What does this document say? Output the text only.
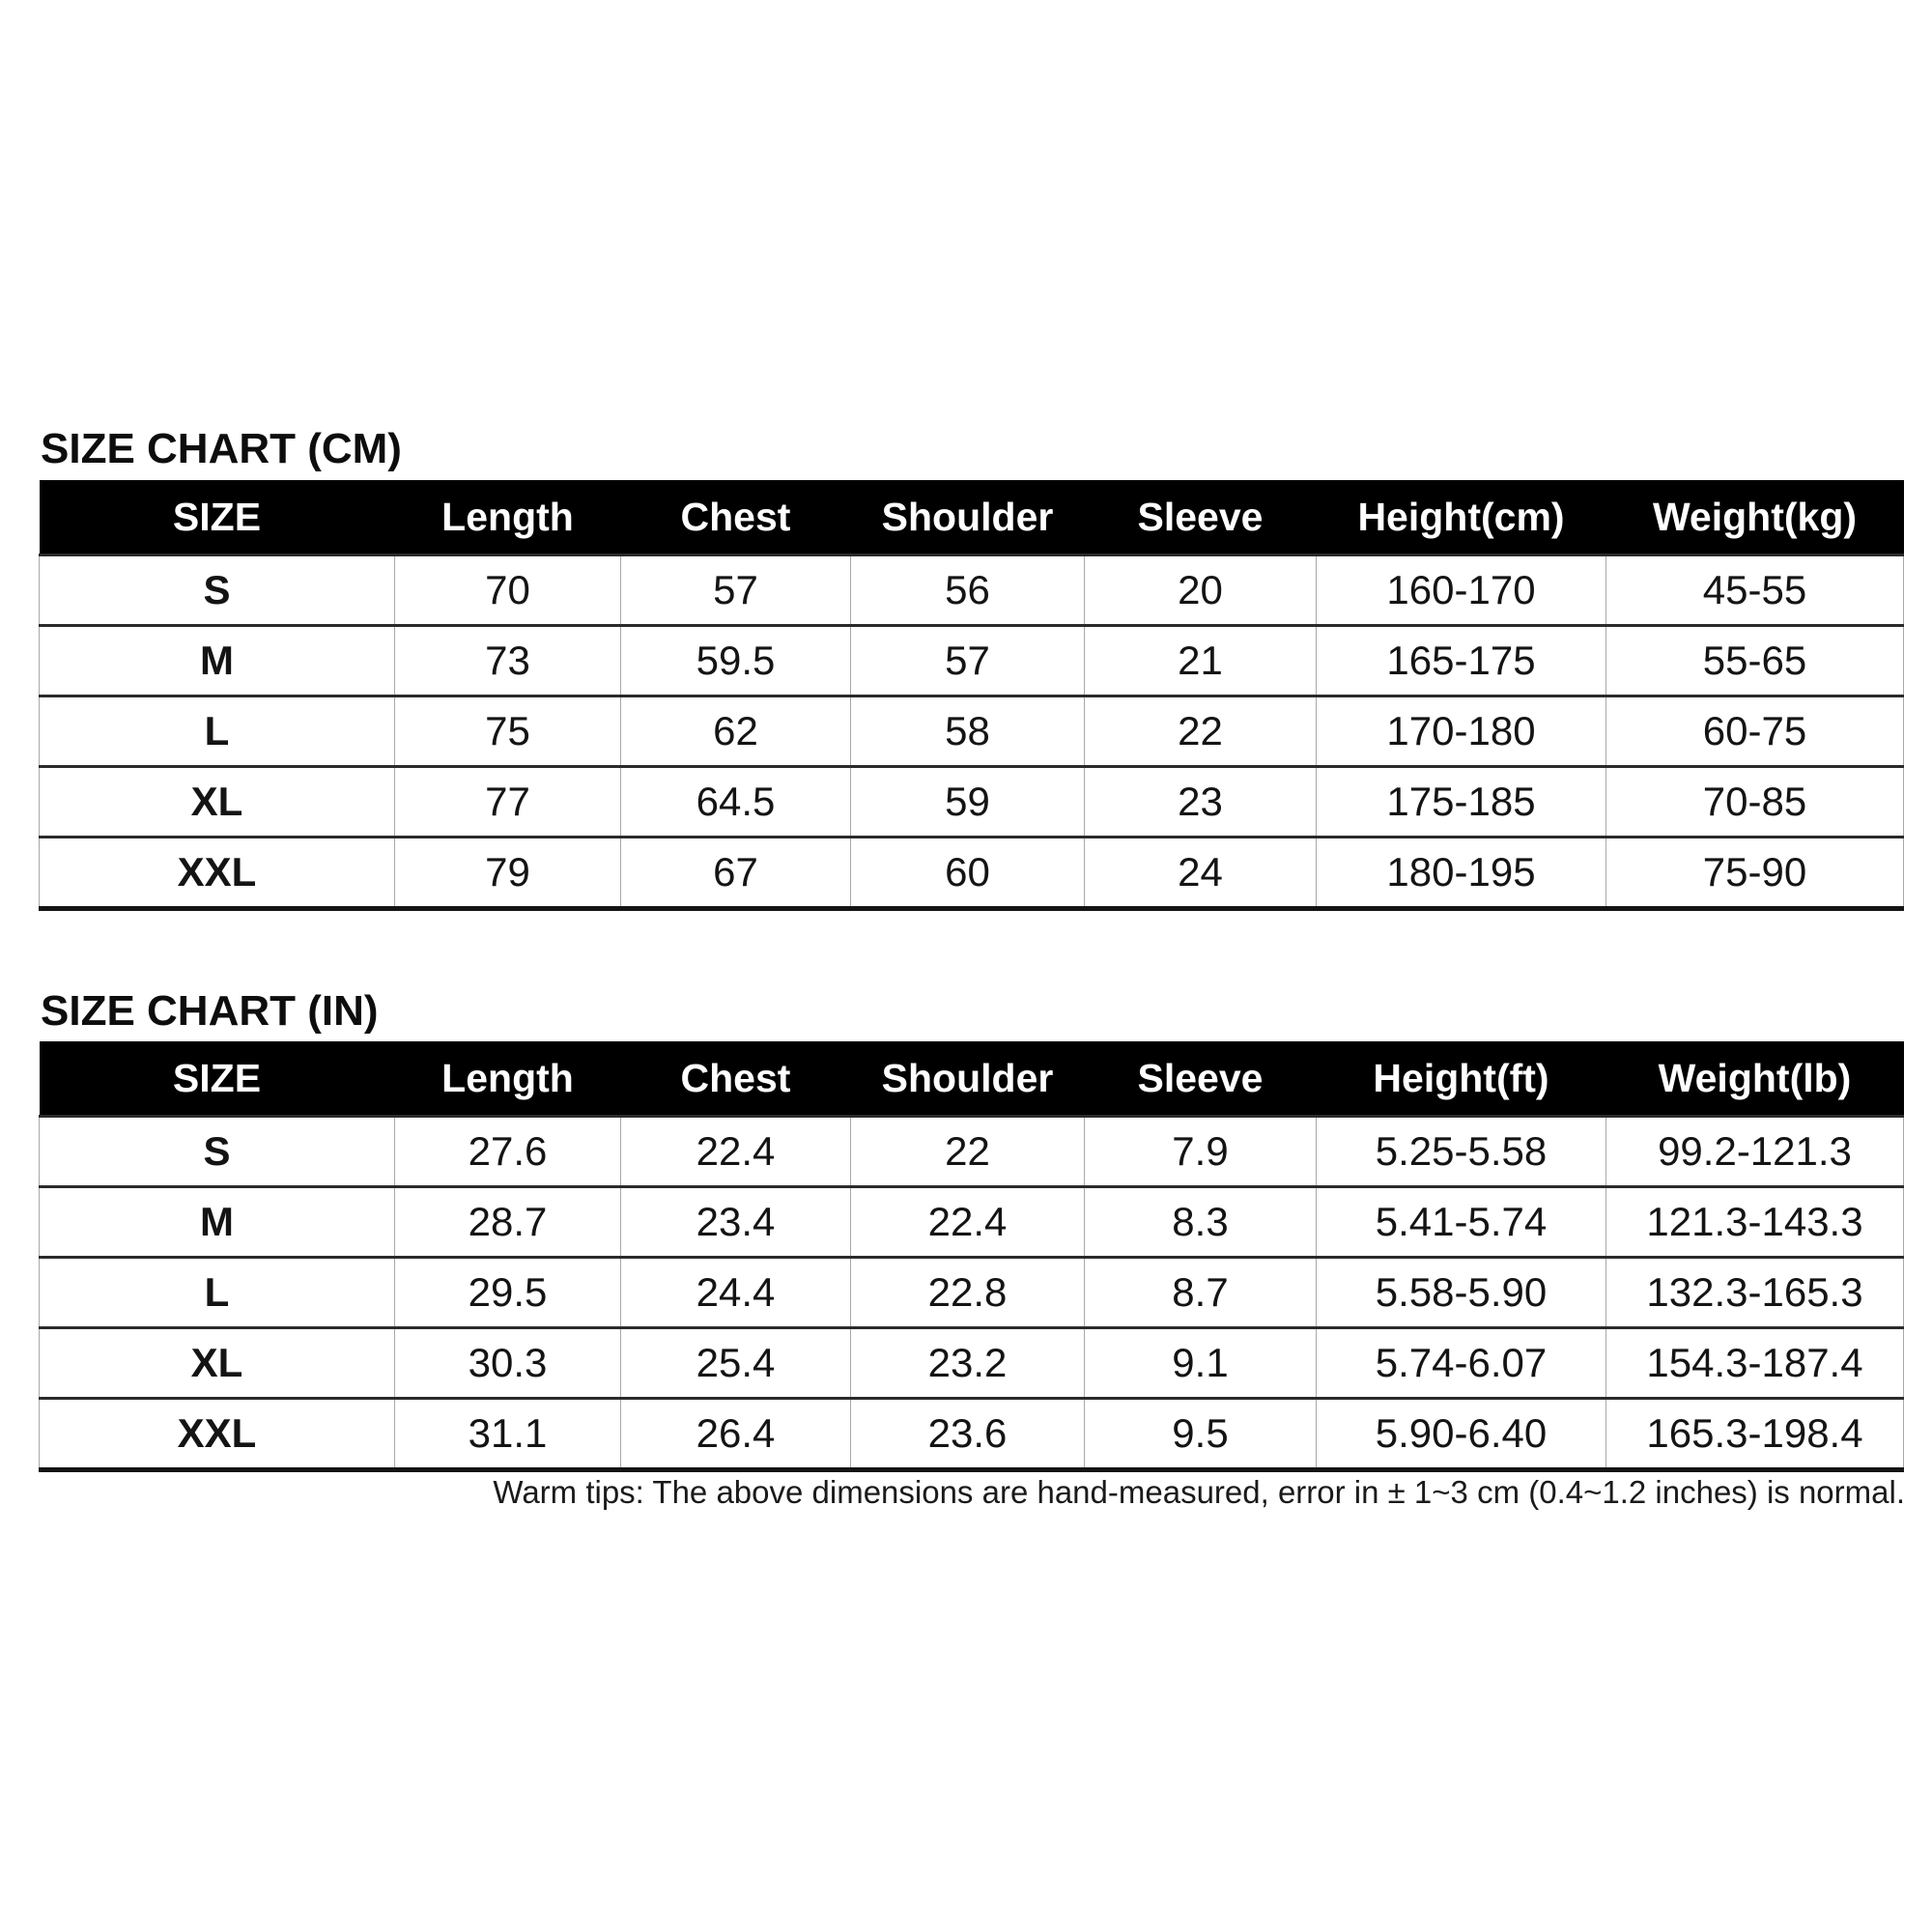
SIZE CHART (CM)
SIZE	Length	Chest	Shoulder	Sleeve	Height(cm)	Weight(kg)
S	70	57	56	20	160-170	45-55
M	73	59.5	57	21	165-175	55-65
L	75	62	58	22	170-180	60-75
XL	77	64.5	59	23	175-185	70-85
XXL	79	67	60	24	180-195	75-90
SIZE CHART (IN)
SIZE	Length	Chest	Shoulder	Sleeve	Height(ft)	Weight(lb)
S	27.6	22.4	22	7.9	5.25-5.58	99.2-121.3
M	28.7	23.4	22.4	8.3	5.41-5.74	121.3-143.3
L	29.5	24.4	22.8	8.7	5.58-5.90	132.3-165.3
XL	30.3	25.4	23.2	9.1	5.74-6.07	154.3-187.4
XXL	31.1	26.4	23.6	9.5	5.90-6.40	165.3-198.4

Warm tips: The above dimensions are hand-measured, error in ± 1~3 cm (0.4~1.2 inches) is normal.
